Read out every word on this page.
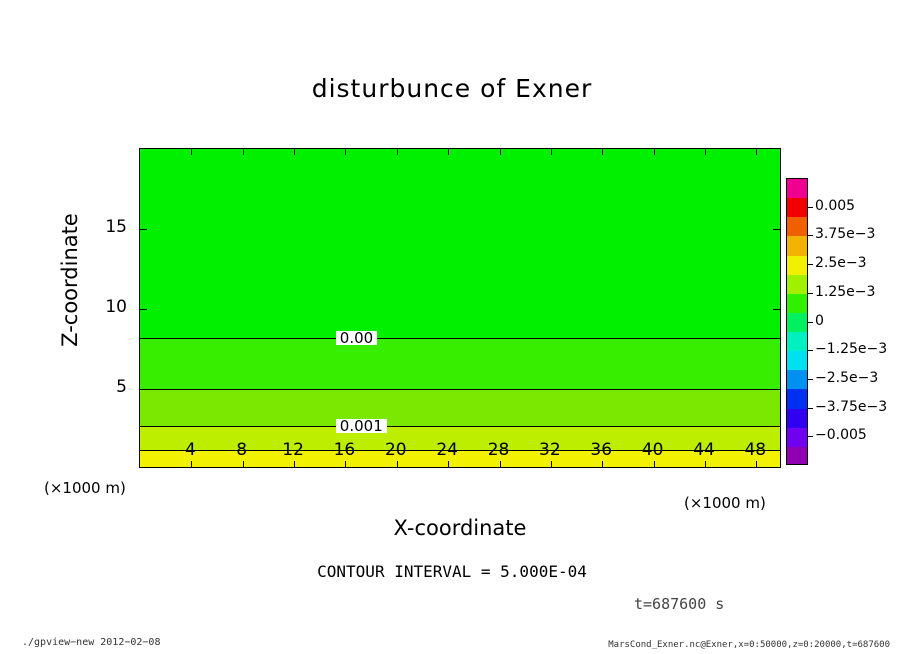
disturbunce of Exner
0.00
0.001
Z-coordinate
X-coordinate
(×1000 m)
(×1000 m)
CONTOUR INTERVAL = 5.000E-04
t=687600 s
0.005
3.75e−3
2.5e−3
1.25e−3
0
−1.25e−3
−2.5e−3
−3.75e−3
−0.005
./gpview−new 2012−02−08	MarsCond_Exner.nc@Exner,x=0:50000,z=0:20000,t=687600
4	8	12	16	20	24	28	32	36	40	44	48
5
10
15
